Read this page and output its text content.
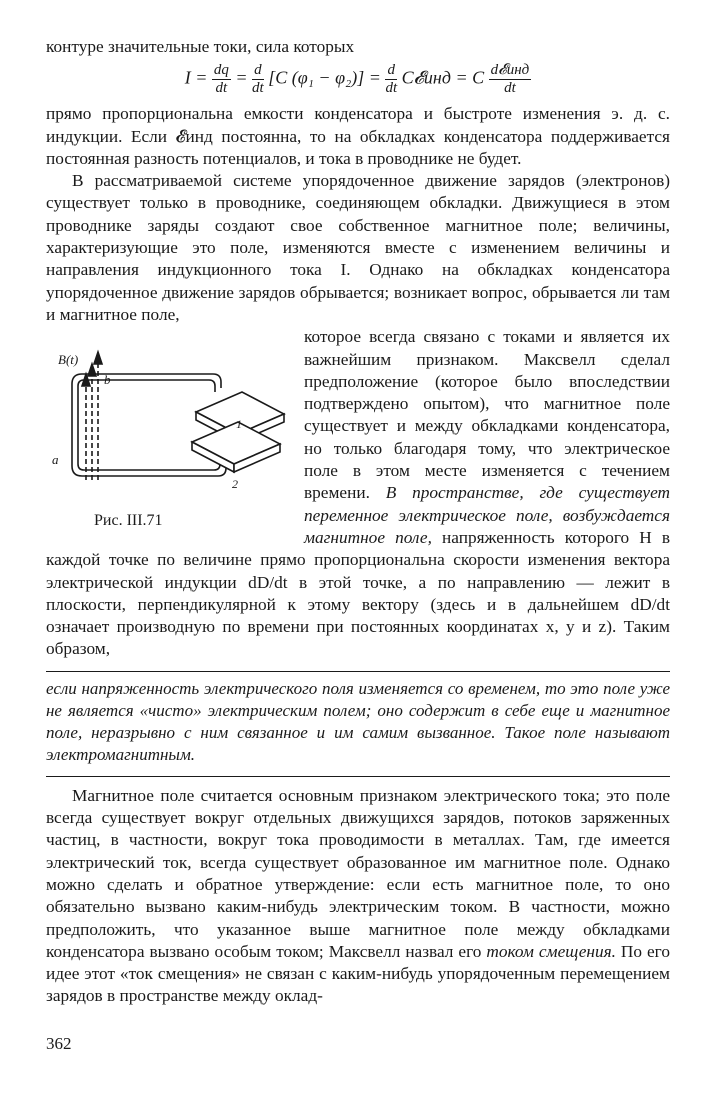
контуре значительные токи, сила которых

$I = \frac{dq}{dt} = \frac{d}{dt} [C$ $(\varphi_1 - \varphi_2)] = \frac{d}{dt}$ C𝓔инд = C $\frac{\text{d𝓔инд}}{dt}$

прямо пропорциональна емкости конденсатора и быстроте изменения э. д. с. индукции. Если 𝓔инд постоянна, то на обкладках конденсатора поддерживается постоянная разность потенциалов, и тока в проводнике не будет.

В рассматриваемой системе упорядоченное движение зарядов (электронов) существует только в проводнике, соединяющем обкладки. Движущиеся в этом проводнике заряды создают свое собственное магнитное поле; величины, характеризующие это поле, изменяются вместе с изменением величины и направления индукционного тока I. Однако на обкладках конденсатора упорядоченное движение зарядов обрывается; возникает вопрос, обрывается ли там и магнитное поле,

B(t)
b
a
1
2
Рис. III.71

которое всегда связано с токами и является их важнейшим признаком. Максвелл сделал предположение (которое было впоследствии подтверждено опытом), что магнитное поле существует и между обкладками конденсатора, но только благодаря тому, что электрическое поле в этом месте изменяется с течением времени. В пространстве, где существует переменное электрическое поле, возбуждается магнитное поле, напряженность которого H в каждой точке по величине прямо пропорциональна скорости изменения вектора электрической индукции dD/dt в этой точке, а по направлению — лежит в плоскости, перпендикулярной к этому вектору (здесь и в дальнейшем dD/dt означает производную по времени при постоянных координатах x, y и z). Таким образом,

если напряженность электрического поля изменяется со временем, то это поле уже не является «чисто» электрическим полем; оно содержит в себе еще и магнитное поле, неразрывно с ним связанное и им самим вызванное. Такое поле называют электромагнитным.

Магнитное поле считается основным признаком электрического тока; это поле всегда существует вокруг отдельных движущихся зарядов, потоков заряженных частиц, в частности, вокруг тока проводимости в металлах. Там, где имеется электрический ток, всегда существует образованное им магнитное поле. Однако можно сделать и обратное утверждение: если есть магнитное поле, то оно обязательно вызвано каким-нибудь электрическим током. В частности, можно предположить, что указанное выше магнитное поле между обкладками конденсатора вызвано особым током; Максвелл назвал его током смещения. По его идее этот «ток смещения» не связан с каким-нибудь упорядоченным перемещением зарядов в пространстве между оклад-

362
